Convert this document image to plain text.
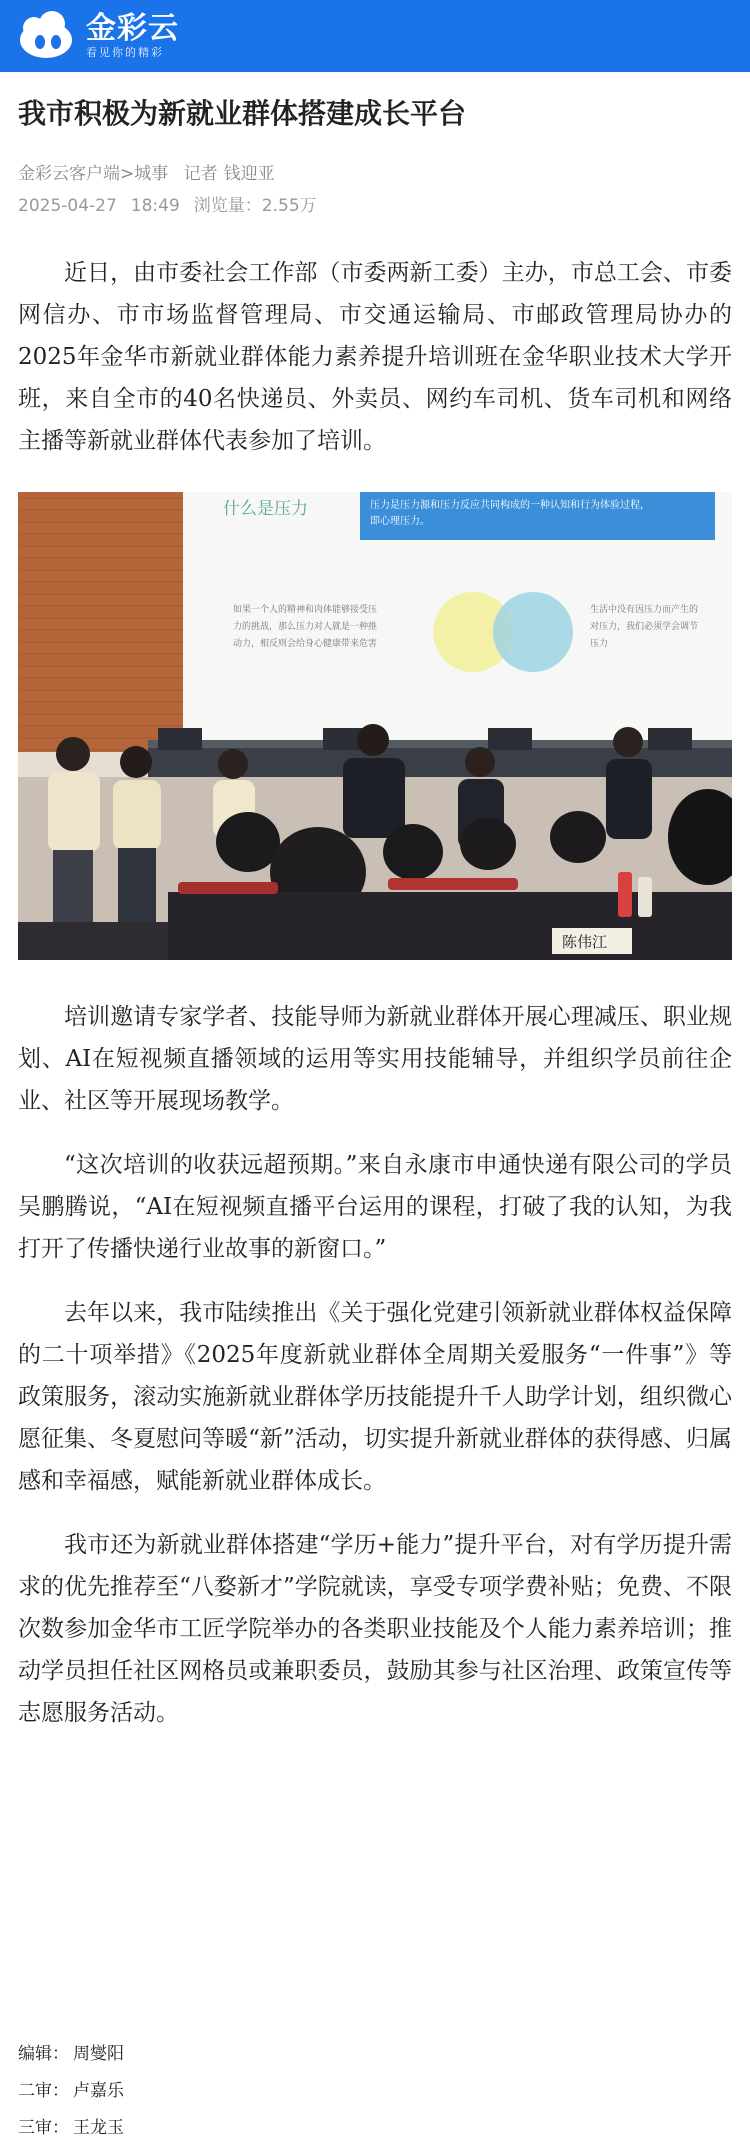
金彩云
看见你的精彩
我市积极为新就业群体搭建成长平台
金彩云客户端>城事 记者 钱迎亚
2025-04-27 18:49 浏览量：2.55万

近日，由市委社会工作部（市委两新工委）主办，市总工会、市委网信办、市市场监督管理局、市交通运输局、市邮政管理局协办的2025年金华市新就业群体能力素养提升培训班在金华职业技术大学开班，来自全市的40名快递员、外卖员、网约车司机、货车司机和网络主播等新就业群体代表参加了培训。

什么是压力	压力是压力源和压力反应共同构成的一种认知和行为体验过程，
即心理压力。
如果一个人的精神和肉体能够接受压
力的挑战，那么压力对人就是一种推
动力，相反则会给身心健康带来危害
生活中没有因压力而产生的
对压力，我们必须学会调节
压力
陈伟江

培训邀请专家学者、技能导师为新就业群体开展心理减压、职业规划、AI在短视频直播领域的运用等实用技能辅导，并组织学员前往企业、社区等开展现场教学。

“这次培训的收获远超预期。”来自永康市申通快递有限公司的学员吴鹏腾说，“AI在短视频直播平台运用的课程，打破了我的认知，为我打开了传播快递行业故事的新窗口。”

去年以来，我市陆续推出《关于强化党建引领新就业群体权益保障的二十项举措》《2025年度新就业群体全周期关爱服务“一件事”》等政策服务，滚动实施新就业群体学历技能提升千人助学计划，组织微心愿征集、冬夏慰问等暖“新”活动，切实提升新就业群体的获得感、归属感和幸福感，赋能新就业群体成长。

我市还为新就业群体搭建“学历+能力”提升平台，对有学历提升需求的优先推荐至“八婺新才”学院就读，享受专项学费补贴；免费、不限次数参加金华市工匠学院举办的各类职业技能及个人能力素养培训；推动学员担任社区网格员或兼职委员，鼓励其参与社区治理、政策宣传等志愿服务活动。

编辑： 周燮阳
二审： 卢嘉乐
三审： 王龙玉
